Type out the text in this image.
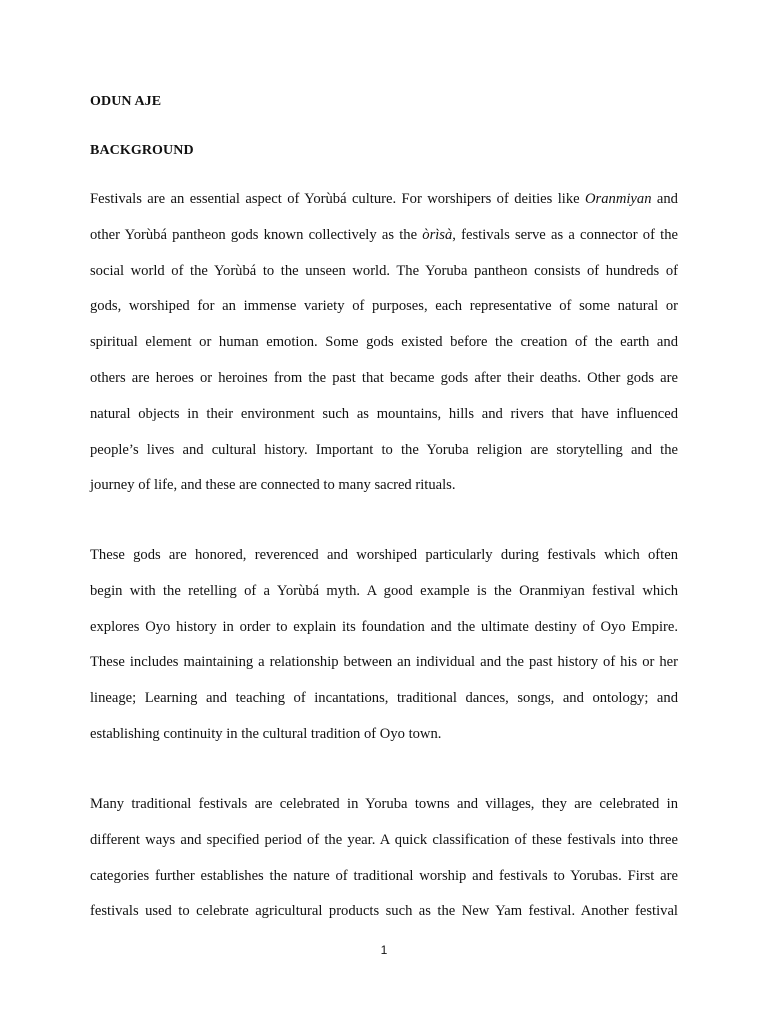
ODUN AJE
BACKGROUND
Festivals are an essential aspect of Yorùbá culture. For worshipers of deities like Oranmiyan and
other Yorùbá pantheon gods known collectively as the òrìsà, festivals serve as a connector of the
social world of the Yorùbá to the unseen world. The Yoruba pantheon consists of hundreds of
gods, worshiped for an immense variety of purposes, each representative of some natural or
spiritual element or human emotion. Some gods existed before the creation of the earth and
others are heroes or heroines from the past that became gods after their deaths. Other gods are
natural objects in their environment such as mountains, hills and rivers that have influenced
people’s lives and cultural history. Important to the Yoruba religion are storytelling and the
journey of life, and these are connected to many sacred rituals.
These gods are honored, reverenced and worshiped particularly during festivals which often
begin with the retelling of a Yorùbá myth. A good example is the Oranmiyan festival which
explores Oyo history in order to explain its foundation and the ultimate destiny of Oyo Empire.
These includes maintaining a relationship between an individual and the past history of his or her
lineage; Learning and teaching of incantations, traditional dances, songs, and ontology; and
establishing continuity in the cultural tradition of Oyo town.
Many traditional festivals are celebrated in Yoruba towns and villages, they are celebrated in
different ways and specified period of the year. A quick classification of these festivals into three
categories further establishes the nature of traditional worship and festivals to Yorubas. First are
festivals used to celebrate agricultural products such as the New Yam festival. Another festival
1
